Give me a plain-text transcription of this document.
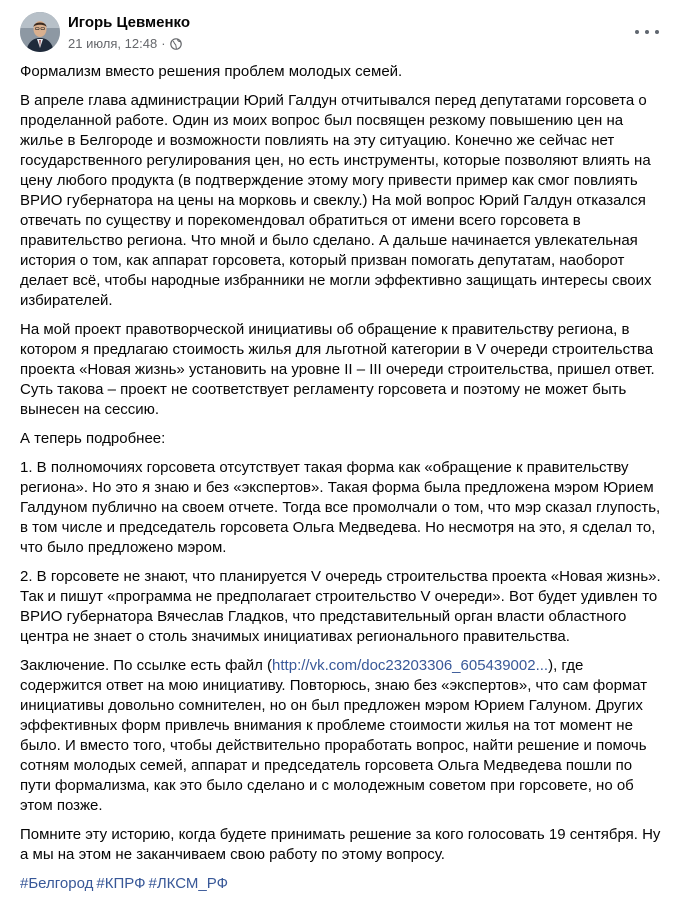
Игорь Цевменко
21 июля, 12:48 ·

Формализм вместо решения проблем молодых семей.

В апреле глава администрации Юрий Галдун отчитывался перед депутатами горсовета о проделанной работе. Один из моих вопрос был посвящен резкому повышению цен на жилье в Белгороде и возможности повлиять на эту ситуацию. Конечно же сейчас нет государственного регулирования цен, но есть инструменты, которые позволяют влиять на цену любого продукта (в подтверждение этому могу привести пример как смог повлиять ВРИО губернатора на цены на морковь и свеклу.) На мой вопрос Юрий Галдун отказался отвечать по существу и порекомендовал обратиться от имени всего горсовета в правительство региона. Что мной и было сделано. А дальше начинается увлекательная история о том, как аппарат горсовета, который призван помогать депутатам, наоборот делает всё, чтобы народные избранники не могли эффективно защищать интересы своих избирателей.

На мой проект правотворческой инициативы об обращение к правительству региона, в котором я предлагаю стоимость жилья для льготной категории в V очереди строительства проекта «Новая жизнь» установить на уровне II – III очереди строительства, пришел ответ. Суть такова – проект не соответствует регламенту горсовета и поэтому не может быть вынесен на сессию.

А теперь подробнее:

1. В полномочиях горсовета отсутствует такая форма как «обращение к правительству региона». Но это я знаю и без «экспертов». Такая форма была предложена мэром Юрием Галдуном публично на своем отчете. Тогда все промолчали о том, что мэр сказал глупость, в том числе и председатель горсовета Ольга Медведева. Но несмотря на это, я сделал то, что было предложено мэром.

2. В горсовете не знают, что планируется V очередь строительства проекта «Новая жизнь». Так и пишут «программа не предполагает строительство V очереди». Вот будет удивлен то ВРИО губернатора Вячеслав Гладков, что представительный орган власти областного центра не знает о столь значимых инициативах регионального правительства.

Заключение. По ссылке есть файл (http://vk.com/doc23203306_605439002...), где содержится ответ на мою инициативу. Повторюсь, знаю без «экспертов», что сам формат инициативы довольно сомнителен, но он был предложен мэром Юрием Галуном. Других эффективных форм привлечь внимания к проблеме стоимости жилья на тот момент не было. И вместо того, чтобы действительно проработать вопрос, найти решение и помочь сотням молодых семей, аппарат и председатель горсовета Ольга Медведева пошли по пути формализма, как это было сделано и с молодежным советом при горсовете, но об этом позже.

Помните эту историю, когда будете принимать решение за кого голосовать 19 сентября. Ну а мы на этом не заканчиваем свою работу по этому вопросу.

#Белгород #КПРФ #ЛКСМ_РФ
